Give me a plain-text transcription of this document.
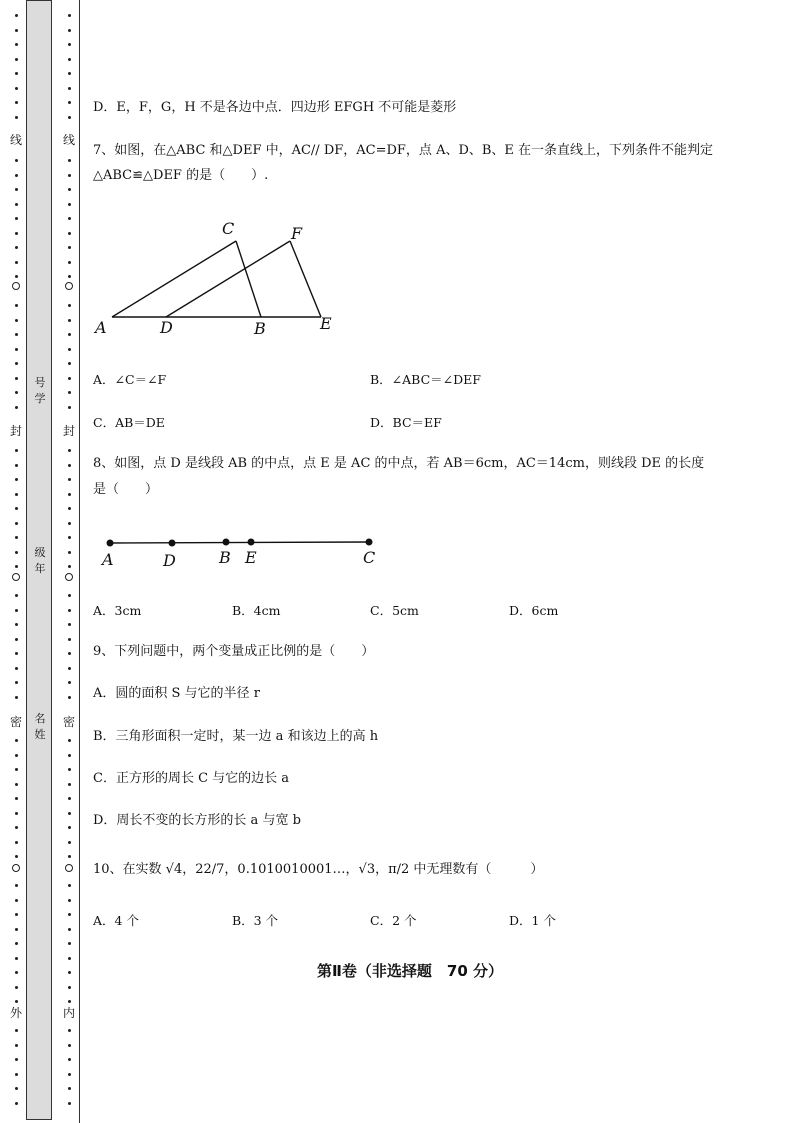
号
学
级
年
名
姓
线
封
密
外
线
封
密
内
D．E，F，G，H 不是各边中点．四边形 EFGH 不可能是菱形
7、如图，在△ABC 和△DEF 中，AC// DF，AC=DF，点 A、D、B、E 在一条直线上，下列条件不能判定
△ABC≌△DEF 的是（　　）.
A	D	B	E
C	F
A．∠C＝∠F	B．∠ABC＝∠DEF
C．AB＝DE	D．BC＝EF
8、如图，点 D 是线段 AB 的中点，点 E 是 AC 的中点，若 AB＝6cm，AC＝14cm，则线段 DE 的长度
是（　　）
A	D	B E	C
A．3cm	B．4cm	C．5cm	D．6cm
9、下列问题中，两个变量成正比例的是（　　）
A．圆的面积 S 与它的半径 r
B．三角形面积一定时，某一边 a 和该边上的高 h
C．正方形的周长 C 与它的边长 a
D．周长不变的长方形的长 a 与宽 b
10、在实数 √4，22/7，0.1010010001…，√3，π/2 中无理数有（　　　）
A．4 个	B．3 个	C．2 个	D．1 个
第Ⅱ卷（非选择题　70 分）
